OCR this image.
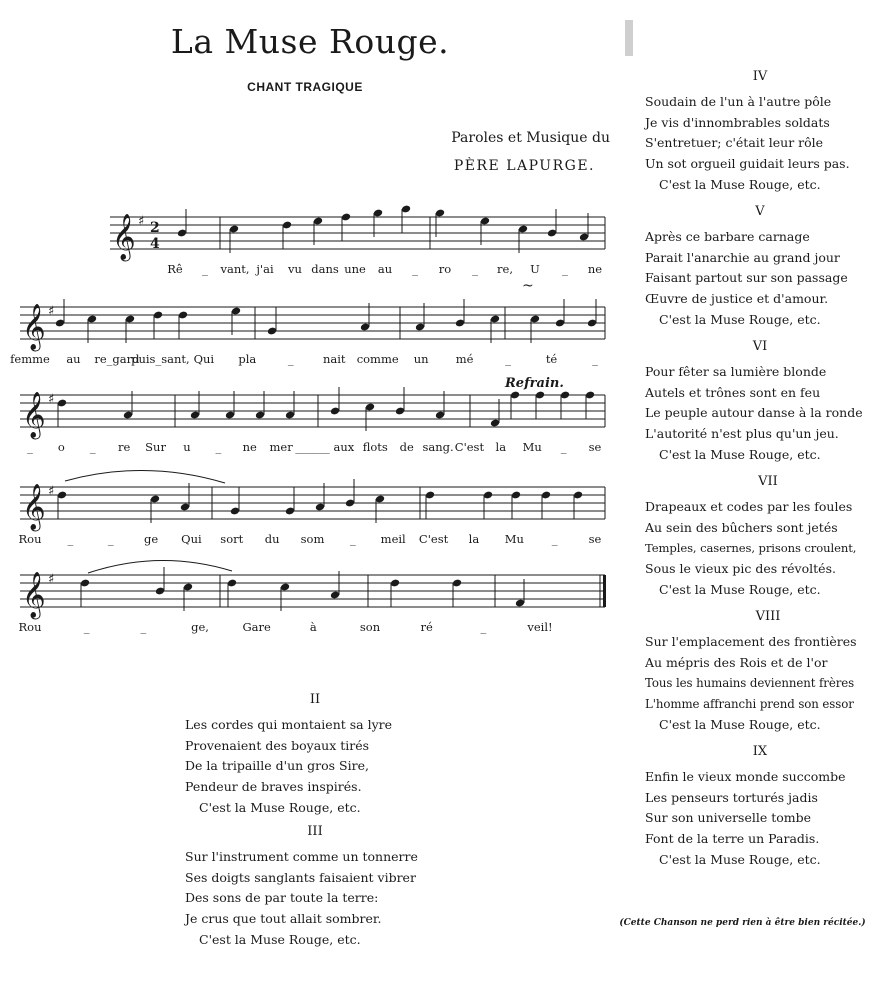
La Muse Rouge.
CHANT TRAGIQUE
Paroles et Musique du
PÈRE LAPURGE.
𝄞 ♯ 2
4
Rê _ vant, j'ai vu dans une au _ ro _ re, U _ ne
𝄞 ♯
femme au re_gard
puis_sant, Qui pla	_	nait comme un mé	_	té	_
𝄞 ♯
_ o _ re Sur u _ ne mer ______ aux flots de sang. C'est la Mu _ se
𝄞 ♯
Rou _	_	ge Qui sort du som _ meil C'est la Mu _	se
𝄞 ♯
Rou	_	_	ge,	Gare	à	son	ré	_	veil!
~
Refrain.
II
Les cordes qui montaient sa lyre
Provenaient des boyaux tirés
De la tripaille d'un gros Sire,
Pendeur de braves inspirés.
C'est la Muse Rouge, etc.
III
Sur l'instrument comme un tonnerre
Ses doigts sanglants faisaient vibrer
Des sons de par toute la terre:
Je crus que tout allait sombrer.
C'est la Muse Rouge, etc.
IV
Soudain de l'un à l'autre pôle
Je vis d'innombrables soldats
S'entretuer; c'était leur rôle
Un sot orgueil guidait leurs pas.
C'est la Muse Rouge, etc.
V
Après ce barbare carnage
Parait l'anarchie au grand jour
Faisant partout sur son passage
Œuvre de justice et d'amour.
C'est la Muse Rouge, etc.
VI
Pour fêter sa lumière blonde
Autels et trônes sont en feu
Le peuple autour danse à la ronde
L'autorité n'est plus qu'un jeu.
C'est la Muse Rouge, etc.
VII
Drapeaux et codes par les foules
Au sein des bûchers sont jetés
Temples, casernes, prisons croulent,
Sous le vieux pic des révoltés.
C'est la Muse Rouge, etc.
VIII
Sur l'emplacement des frontières
Au mépris des Rois et de l'or
Tous les humains deviennent frères
L'homme affranchi prend son essor
C'est la Muse Rouge, etc.
IX
Enfin le vieux monde succombe
Les penseurs torturés jadis
Sur son universelle tombe
Font de la terre un Paradis.
C'est la Muse Rouge, etc.
(Cette Chanson ne perd rien à être bien récitée.)
